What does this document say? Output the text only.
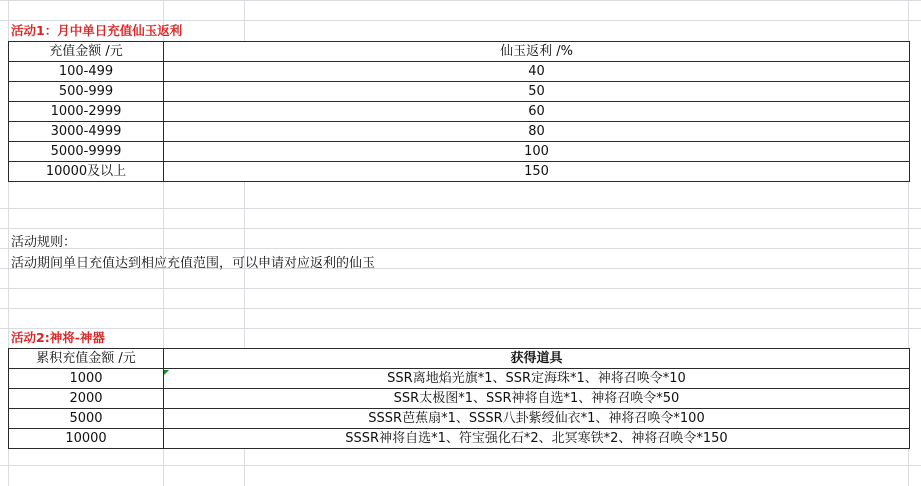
活动1：月中单日充值仙玉返利
充值金额 /元	仙玉返利 /%
100-499	40
500-999	50
1000-2999	60
3000-4999	80
5000-9999	100
10000及以上	150
活动规则：
活动期间单日充值达到相应充值范围，可以申请对应返利的仙玉
活动2:神将-神器
累积充值金额 /元	获得道具
1000	SSR离地焰光旗*1、SSR定海珠*1、神将召唤令*10
2000	SSR太极图*1、SSR神将自选*1、神将召唤令*50
5000	SSSR芭蕉扇*1、SSSR八卦紫绶仙衣*1、神将召唤令*100
10000	SSSR神将自选*1、符宝强化石*2、北冥寒铁*2、神将召唤令*150
